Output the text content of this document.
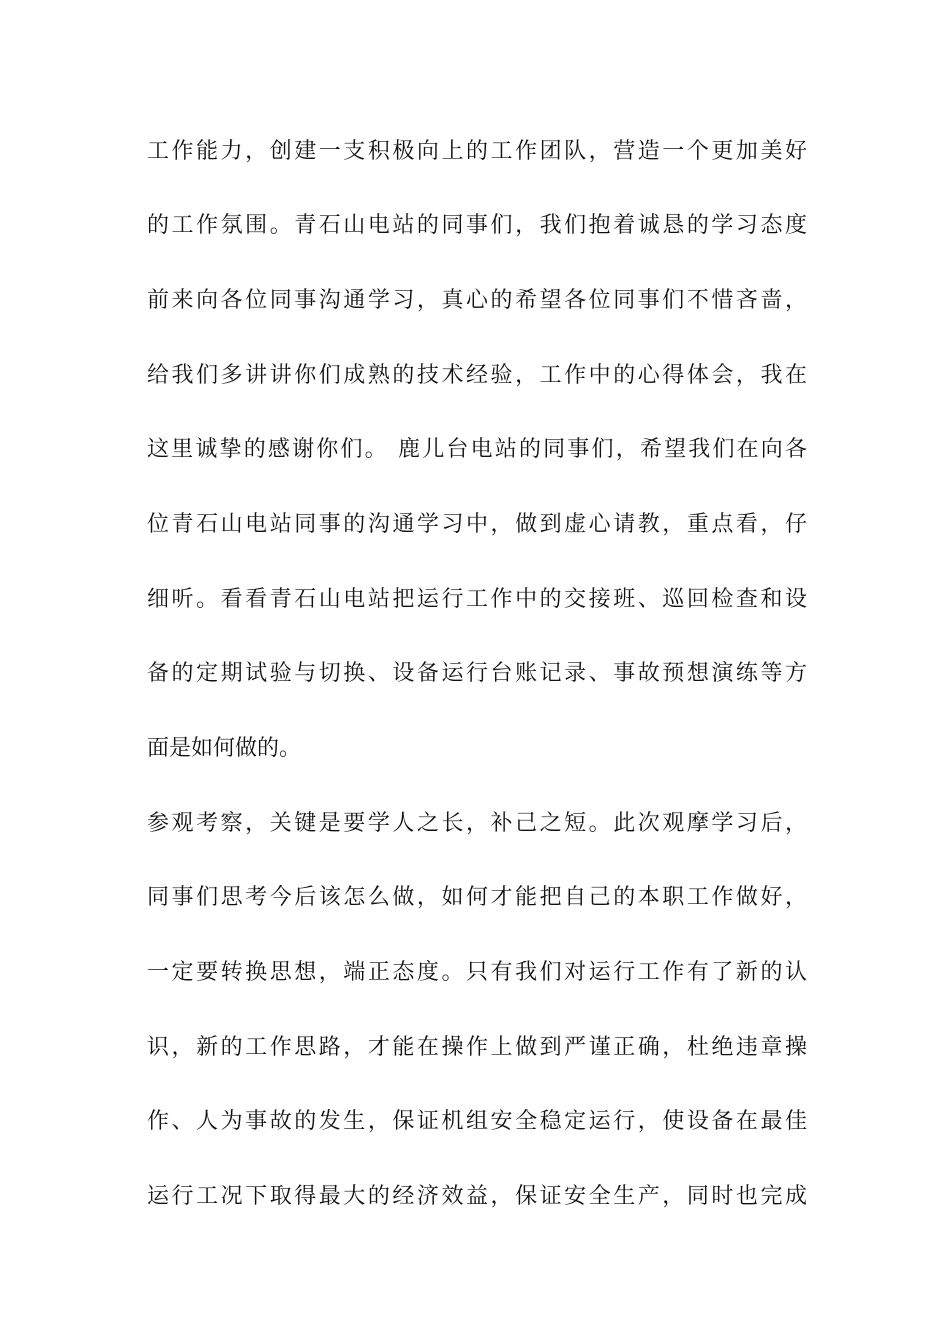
工作能力，创建一支积极向上的工作团队，营造一个更加美好
的工作氛围。青石山电站的同事们，我们抱着诚恳的学习态度
前来向各位同事沟通学习，真心的希望各位同事们不惜吝啬，
给我们多讲讲你们成熟的技术经验，工作中的心得体会，我在
这里诚挚的感谢你们。 鹿儿台电站的同事们，希望我们在向各
位青石山电站同事的沟通学习中，做到虚心请教，重点看，仔
细听。看看青石山电站把运行工作中的交接班、巡回检查和设
备的定期试验与切换、设备运行台账记录、事故预想演练等方
面是如何做的。
参观考察，关键是要学人之长，补己之短。此次观摩学习后，
同事们思考今后该怎么做，如何才能把自己的本职工作做好，
一定要转换思想，端正态度。只有我们对运行工作有了新的认
识，新的工作思路，才能在操作上做到严谨正确，杜绝违章操
作、人为事故的发生，保证机组安全稳定运行，使设备在最佳
运行工况下取得最大的经济效益，保证安全生产，同时也完成
